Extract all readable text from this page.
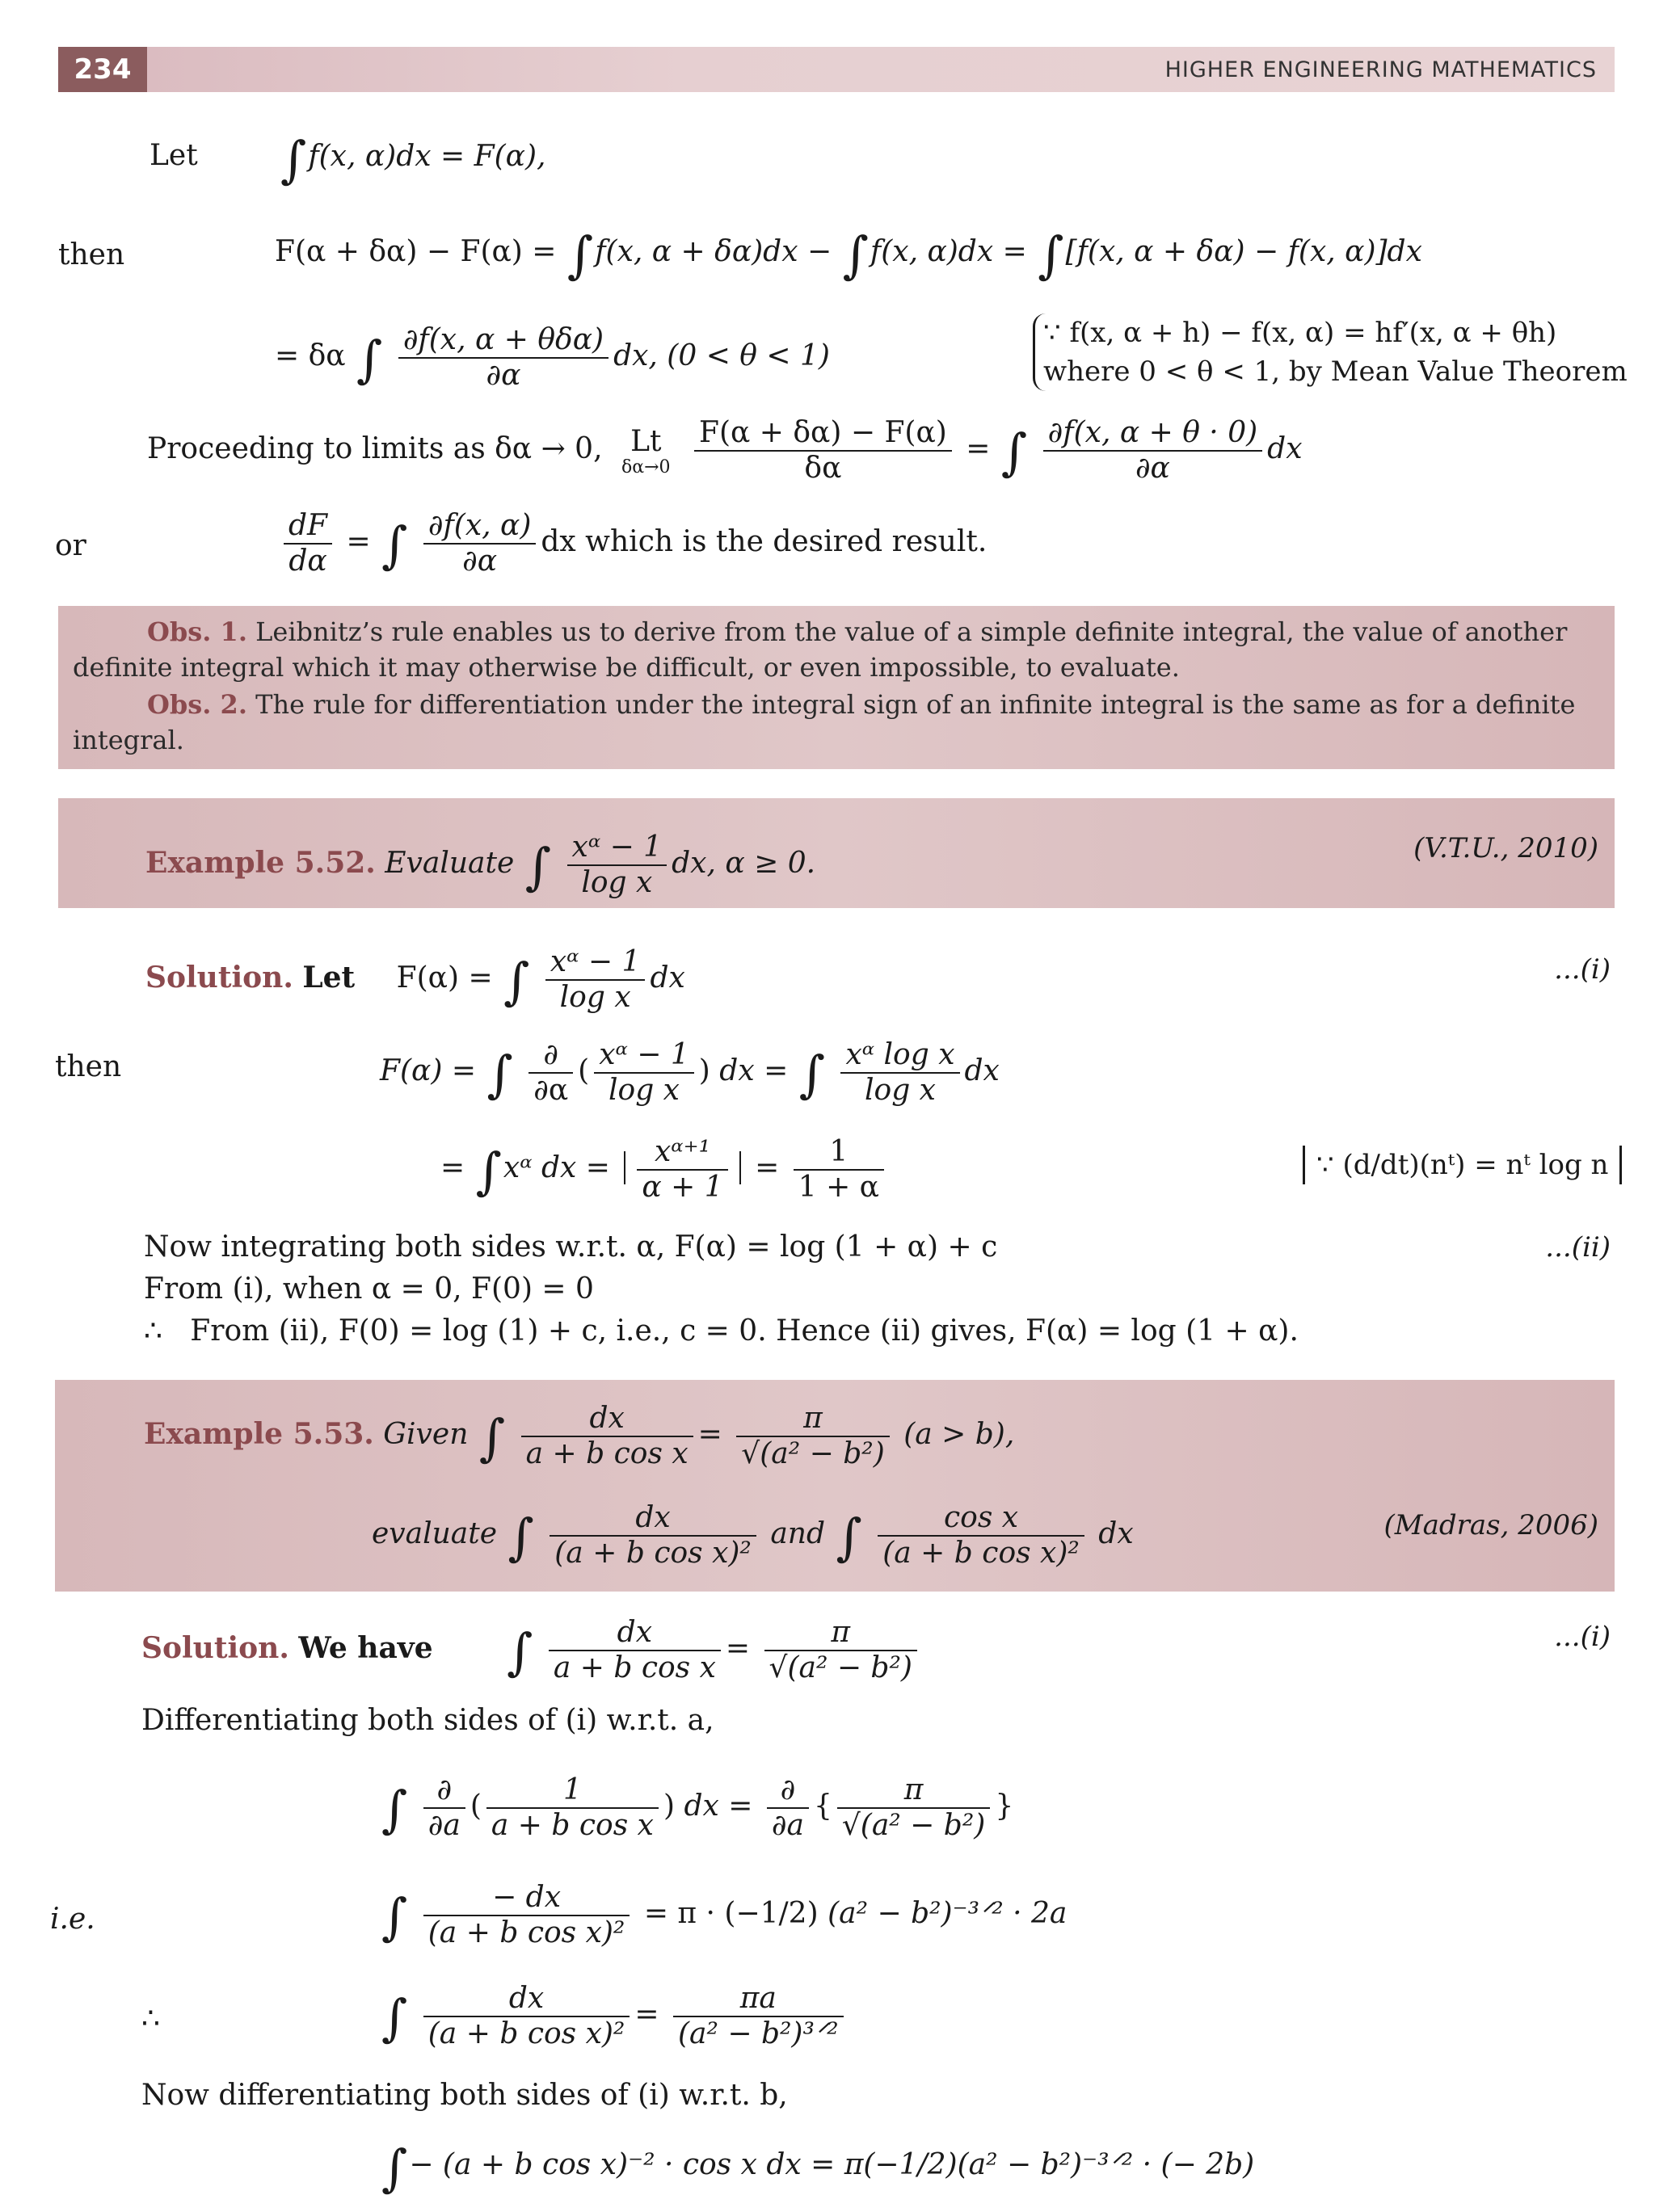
234	HIGHER ENGINEERING MATHEMATICS
Let ∫f(x, α)dx = F(α),
then	F(α + δα) − F(α) = ∫f(x, α + δα)dx − ∫f(x, α)dx = ∫[f(x, α + δα) − f(x, α)]dx
= δα ∫ $\frac{\text{∂f(x, α + θδα)}}{\partial\alpha}$ dx, (0 < θ < 1)
∵ f(x, α + h) − f(x, α) = hf′(x, α + θh)
where 0 < θ < 1, by Mean Value Theorem
Proceeding to limits as δα → 0, Lt
δα→0
$\frac{F(\alpha + \delta\alpha) - F(\alpha)}{\delta\alpha}$ = ∫ $\frac{\partial f(x, \alpha + \theta \cdot 0)}{\partial\alpha}$ dx
or	$\frac{dF}{d\alpha}$ = ∫ $\frac{\partial f(x, \alpha)}{\partial\alpha}$ dx which is the desired result.
Obs. 1. Leibnitz’s rule enables us to derive from the value of a simple definite integral, the value of another definite integral which it may otherwise be difficult, or even impossible, to evaluate.
Obs. 2. The rule for differentiation under the integral sign of an infinite integral is the same as for a definite integral.
Example 5.52. Evaluate ∫ $\frac{\text{xᵅ − 1}}{\text{log x}}$ dx, α ≥ 0.	(V.T.U., 2010)
Solution. Let F(α) = ∫ $\frac{\text{xᵅ − 1}}{\text{log x}}$ dx	...(i)
then	F(α) = ∫ $\frac{\partial}{\partial\alpha}$ ( $\frac{\text{xᵅ − 1}}{\text{log x}}$ ) dx = ∫ $\frac{\text{xᵅ log x}}{\text{log x}}$ dx
= ∫xᵅ dx = $\frac{\text{xᵅ⁺¹}}{\alpha + 1} = \frac{1}{1 + \alpha}$	∵ (d/dt)(nᵗ) = nᵗ log n
Now integrating both sides w.r.t. α, F(α) = log (1 + α) + c	...(ii)
From (i), when α = 0, F(0) = 0
∴ From (ii), F(0) = log (1) + c, i.e., c = 0. Hence (ii) gives, F(α) = log (1 + α).
Example 5.53. Given ∫ $\frac{dx}{\text{a + b cos x}} = \frac{\pi}{\text{√(a² − b²)}} (a > b)$,
evaluate ∫ $\frac{dx}{\text{(a + b cos x)²}}$ and ∫ $\frac{\text{cos x}}{\text{(a + b cos x)²}}$ dx	(Madras, 2006)
Solution. We have ∫ $\frac{dx}{\text{a + b cos x}} = \frac{\pi}{\text{√(a² − b²)}}$	...(i)
Differentiating both sides of (i) w.r.t. a,
∫ $\frac{\partial}{\partial a}$ ( $\frac{1}{\text{a + b cos x}}$ ) dx = $\frac{\partial}{\partial a}$ { $\frac{\pi}{\text{√(a² − b²)}}$ }
i.e.	∫ $\frac{- dx}{\text{(a + b cos x)²}} = \pi \cdot (-1/2) (a^2$ − b²)⁻³ᐟ² · 2a
∴	∫ $\frac{dx}{\text{(a + b cos x)²}} = \frac{\pi a}{\text{(a² − b²)³ᐟ²}}$
Now differentiating both sides of (i) w.r.t. b,
∫− (a + b cos x)⁻² · cos x dx = π(−1/2)(a² − b²)⁻³ᐟ² · (− 2b)
